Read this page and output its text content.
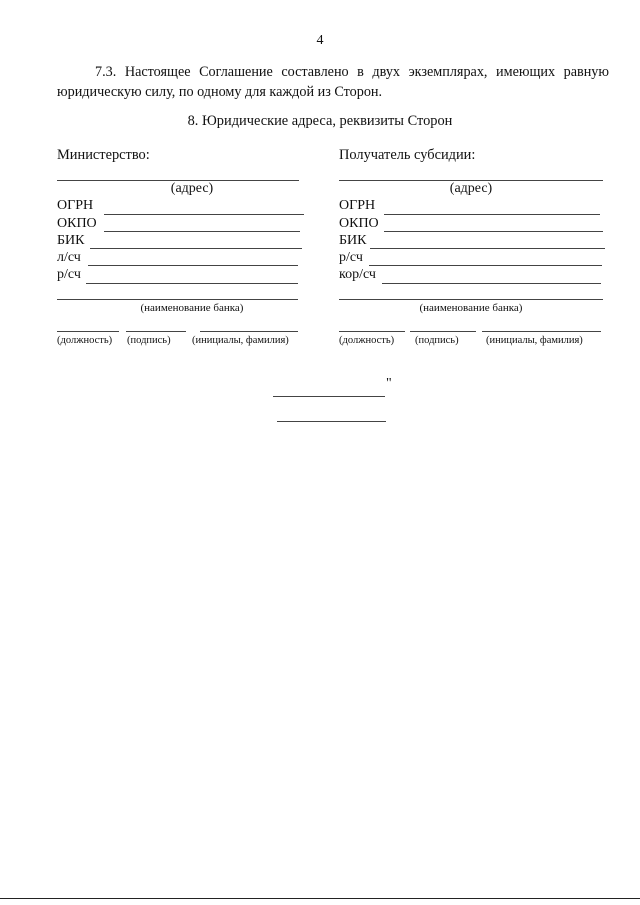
4
7.3. Настоящее Соглашение составлено в двух экземплярах, имеющих равную
юридическую силу, по одному для каждой из Сторон.
8. Юридические адреса, реквизиты Сторон
Министерство:
(адрес)
ОГРН
ОКПО
БИК
л/сч
р/сч
(наименование банка)
(должность) (подпись) (инициалы, фамилия)
Получатель субсидии:
(адрес)
ОГРН
ОКПО
БИК
р/сч
кор/сч
(наименование банка)
(должность) (подпись)	(инициалы, фамилия)
"
